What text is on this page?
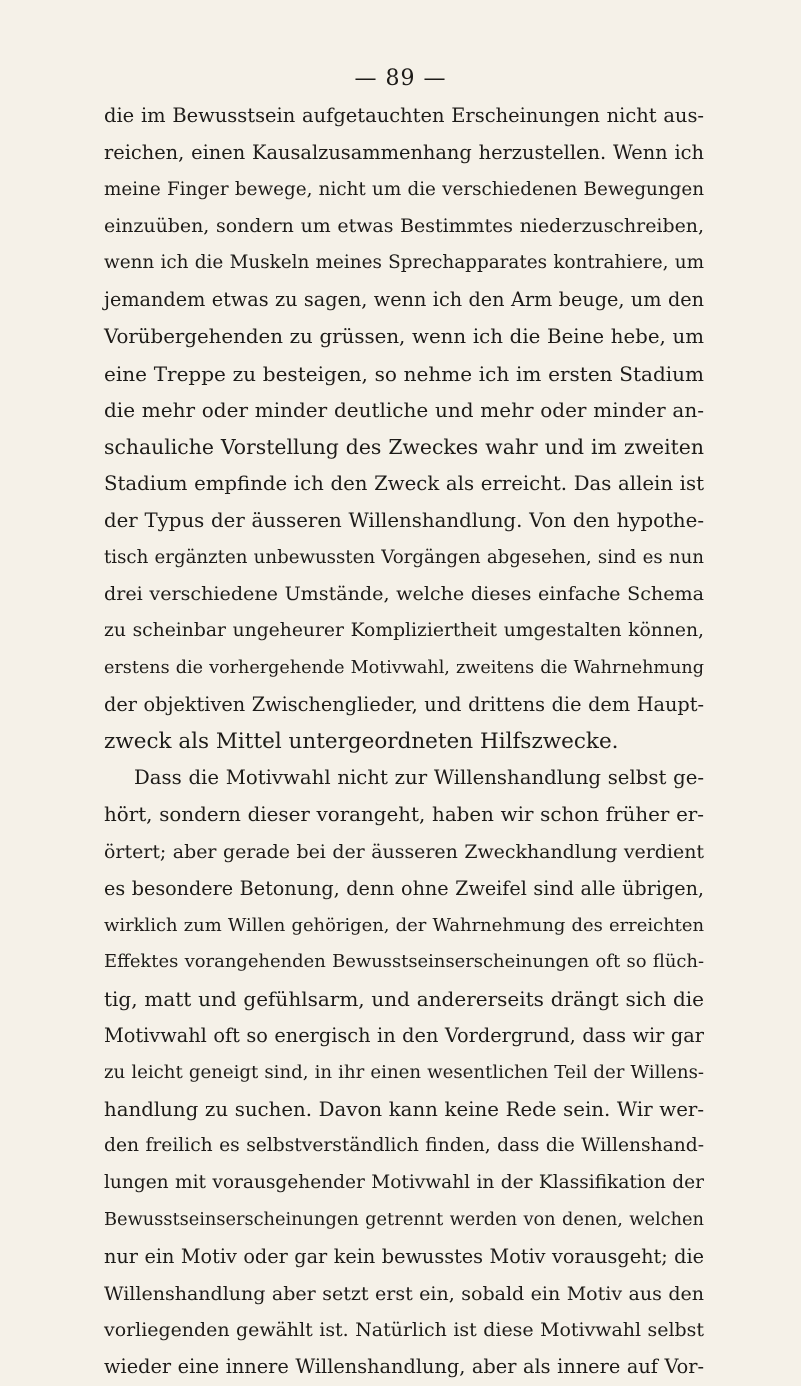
— 89 —
die im Bewusstsein aufgetauchten Erscheinungen nicht aus-
reichen, einen Kausalzusammenhang herzustellen. Wenn ich
meine Finger bewege, nicht um die verschiedenen Bewegungen
einzuüben, sondern um etwas Bestimmtes niederzuschreiben,
wenn ich die Muskeln meines Sprechapparates kontrahiere, um
jemandem etwas zu sagen, wenn ich den Arm beuge, um den
Vorübergehenden zu grüssen, wenn ich die Beine hebe, um
eine Treppe zu besteigen, so nehme ich im ersten Stadium
die mehr oder minder deutliche und mehr oder minder an-
schauliche Vorstellung des Zweckes wahr und im zweiten
Stadium empfinde ich den Zweck als erreicht. Das allein ist
der Typus der äusseren Willenshandlung. Von den hypothe-
tisch ergänzten unbewussten Vorgängen abgesehen, sind es nun
drei verschiedene Umstände, welche dieses einfache Schema
zu scheinbar ungeheurer Kompliziertheit umgestalten können,
erstens die vorhergehende Motivwahl, zweitens die Wahrnehmung
der objektiven Zwischenglieder, und drittens die dem Haupt-
zweck als Mittel untergeordneten Hilfszwecke.
Dass die Motivwahl nicht zur Willenshandlung selbst ge-
hört, sondern dieser vorangeht, haben wir schon früher er-
örtert; aber gerade bei der äusseren Zweckhandlung verdient
es besondere Betonung, denn ohne Zweifel sind alle übrigen,
wirklich zum Willen gehörigen, der Wahrnehmung des erreichten
Effektes vorangehenden Bewusstseinserscheinungen oft so flüch-
tig, matt und gefühlsarm, und andererseits drängt sich die
Motivwahl oft so energisch in den Vordergrund, dass wir gar
zu leicht geneigt sind, in ihr einen wesentlichen Teil der Willens-
handlung zu suchen. Davon kann keine Rede sein. Wir wer-
den freilich es selbstverständlich finden, dass die Willenshand-
lungen mit vorausgehender Motivwahl in der Klassifikation der
Bewusstseinserscheinungen getrennt werden von denen, welchen
nur ein Motiv oder gar kein bewusstes Motiv vorausgeht; die
Willenshandlung aber setzt erst ein, sobald ein Motiv aus den
vorliegenden gewählt ist. Natürlich ist diese Motivwahl selbst
wieder eine innere Willenshandlung, aber als innere auf Vor-
